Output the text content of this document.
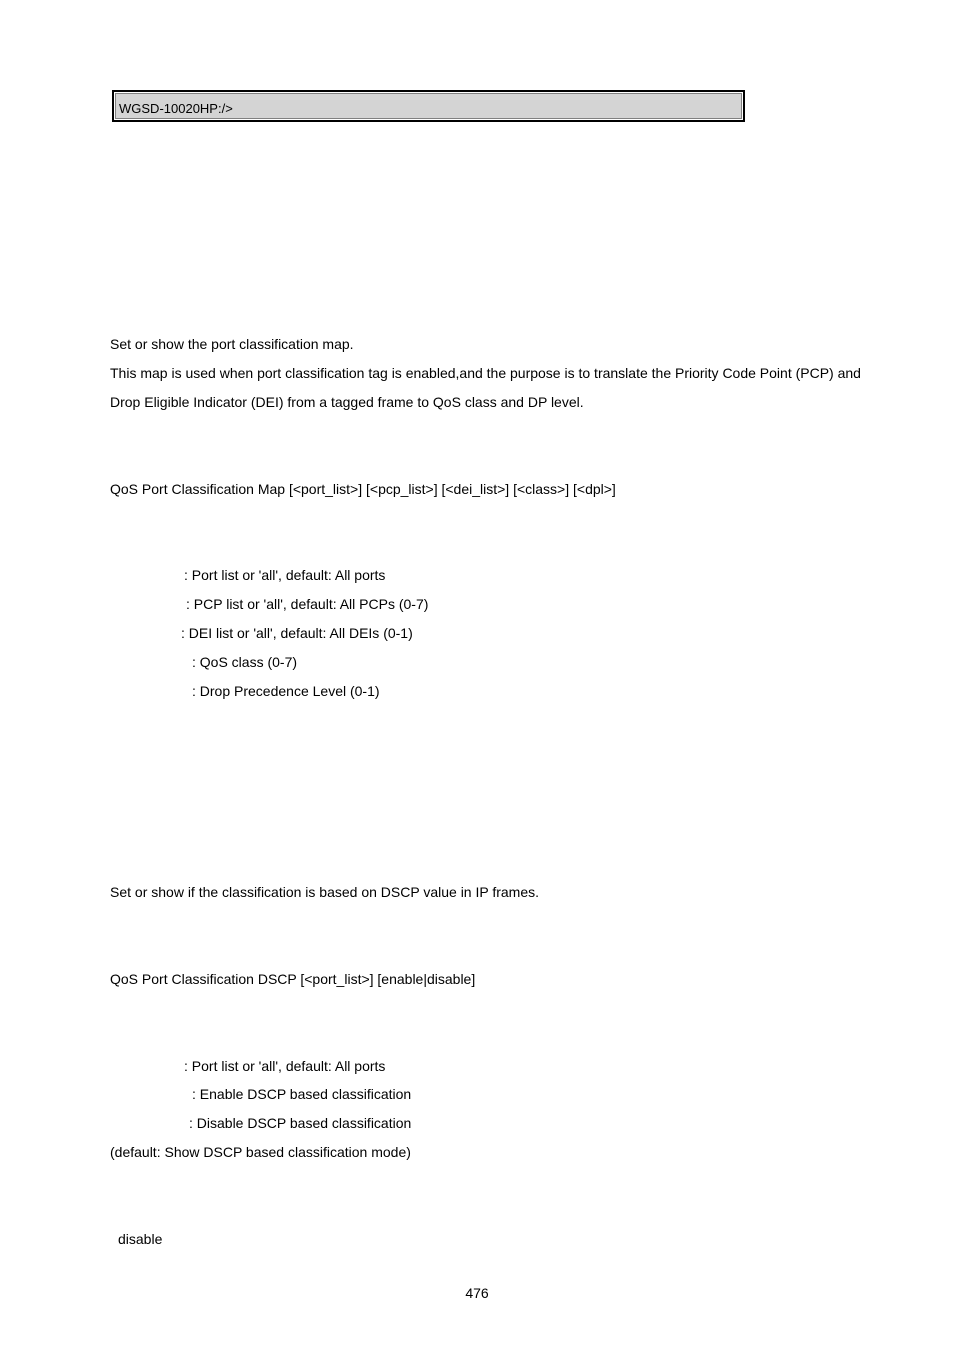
WGSD-10020HP:/>
Set or show the port classification map.
This map is used when port classification tag is enabled,and the purpose is to translate the Priority Code Point (PCP) and
Drop Eligible Indicator (DEI) from a tagged frame to QoS class and DP level.
QoS Port Classification Map [<port_list>] [<pcp_list>] [<dei_list>] [<class>] [<dpl>]
: Port list or 'all', default: All ports
: PCP list or 'all', default: All PCPs (0-7)
: DEI list or 'all', default: All DEIs (0-1)
: QoS class (0-7)
: Drop Precedence Level (0-1)
Set or show if the classification is based on DSCP value in IP frames.
QoS Port Classification DSCP [<port_list>] [enable|disable]
: Port list or 'all', default: All ports
: Enable DSCP based classification
: Disable DSCP based classification
(default: Show DSCP based classification mode)
disable
476
